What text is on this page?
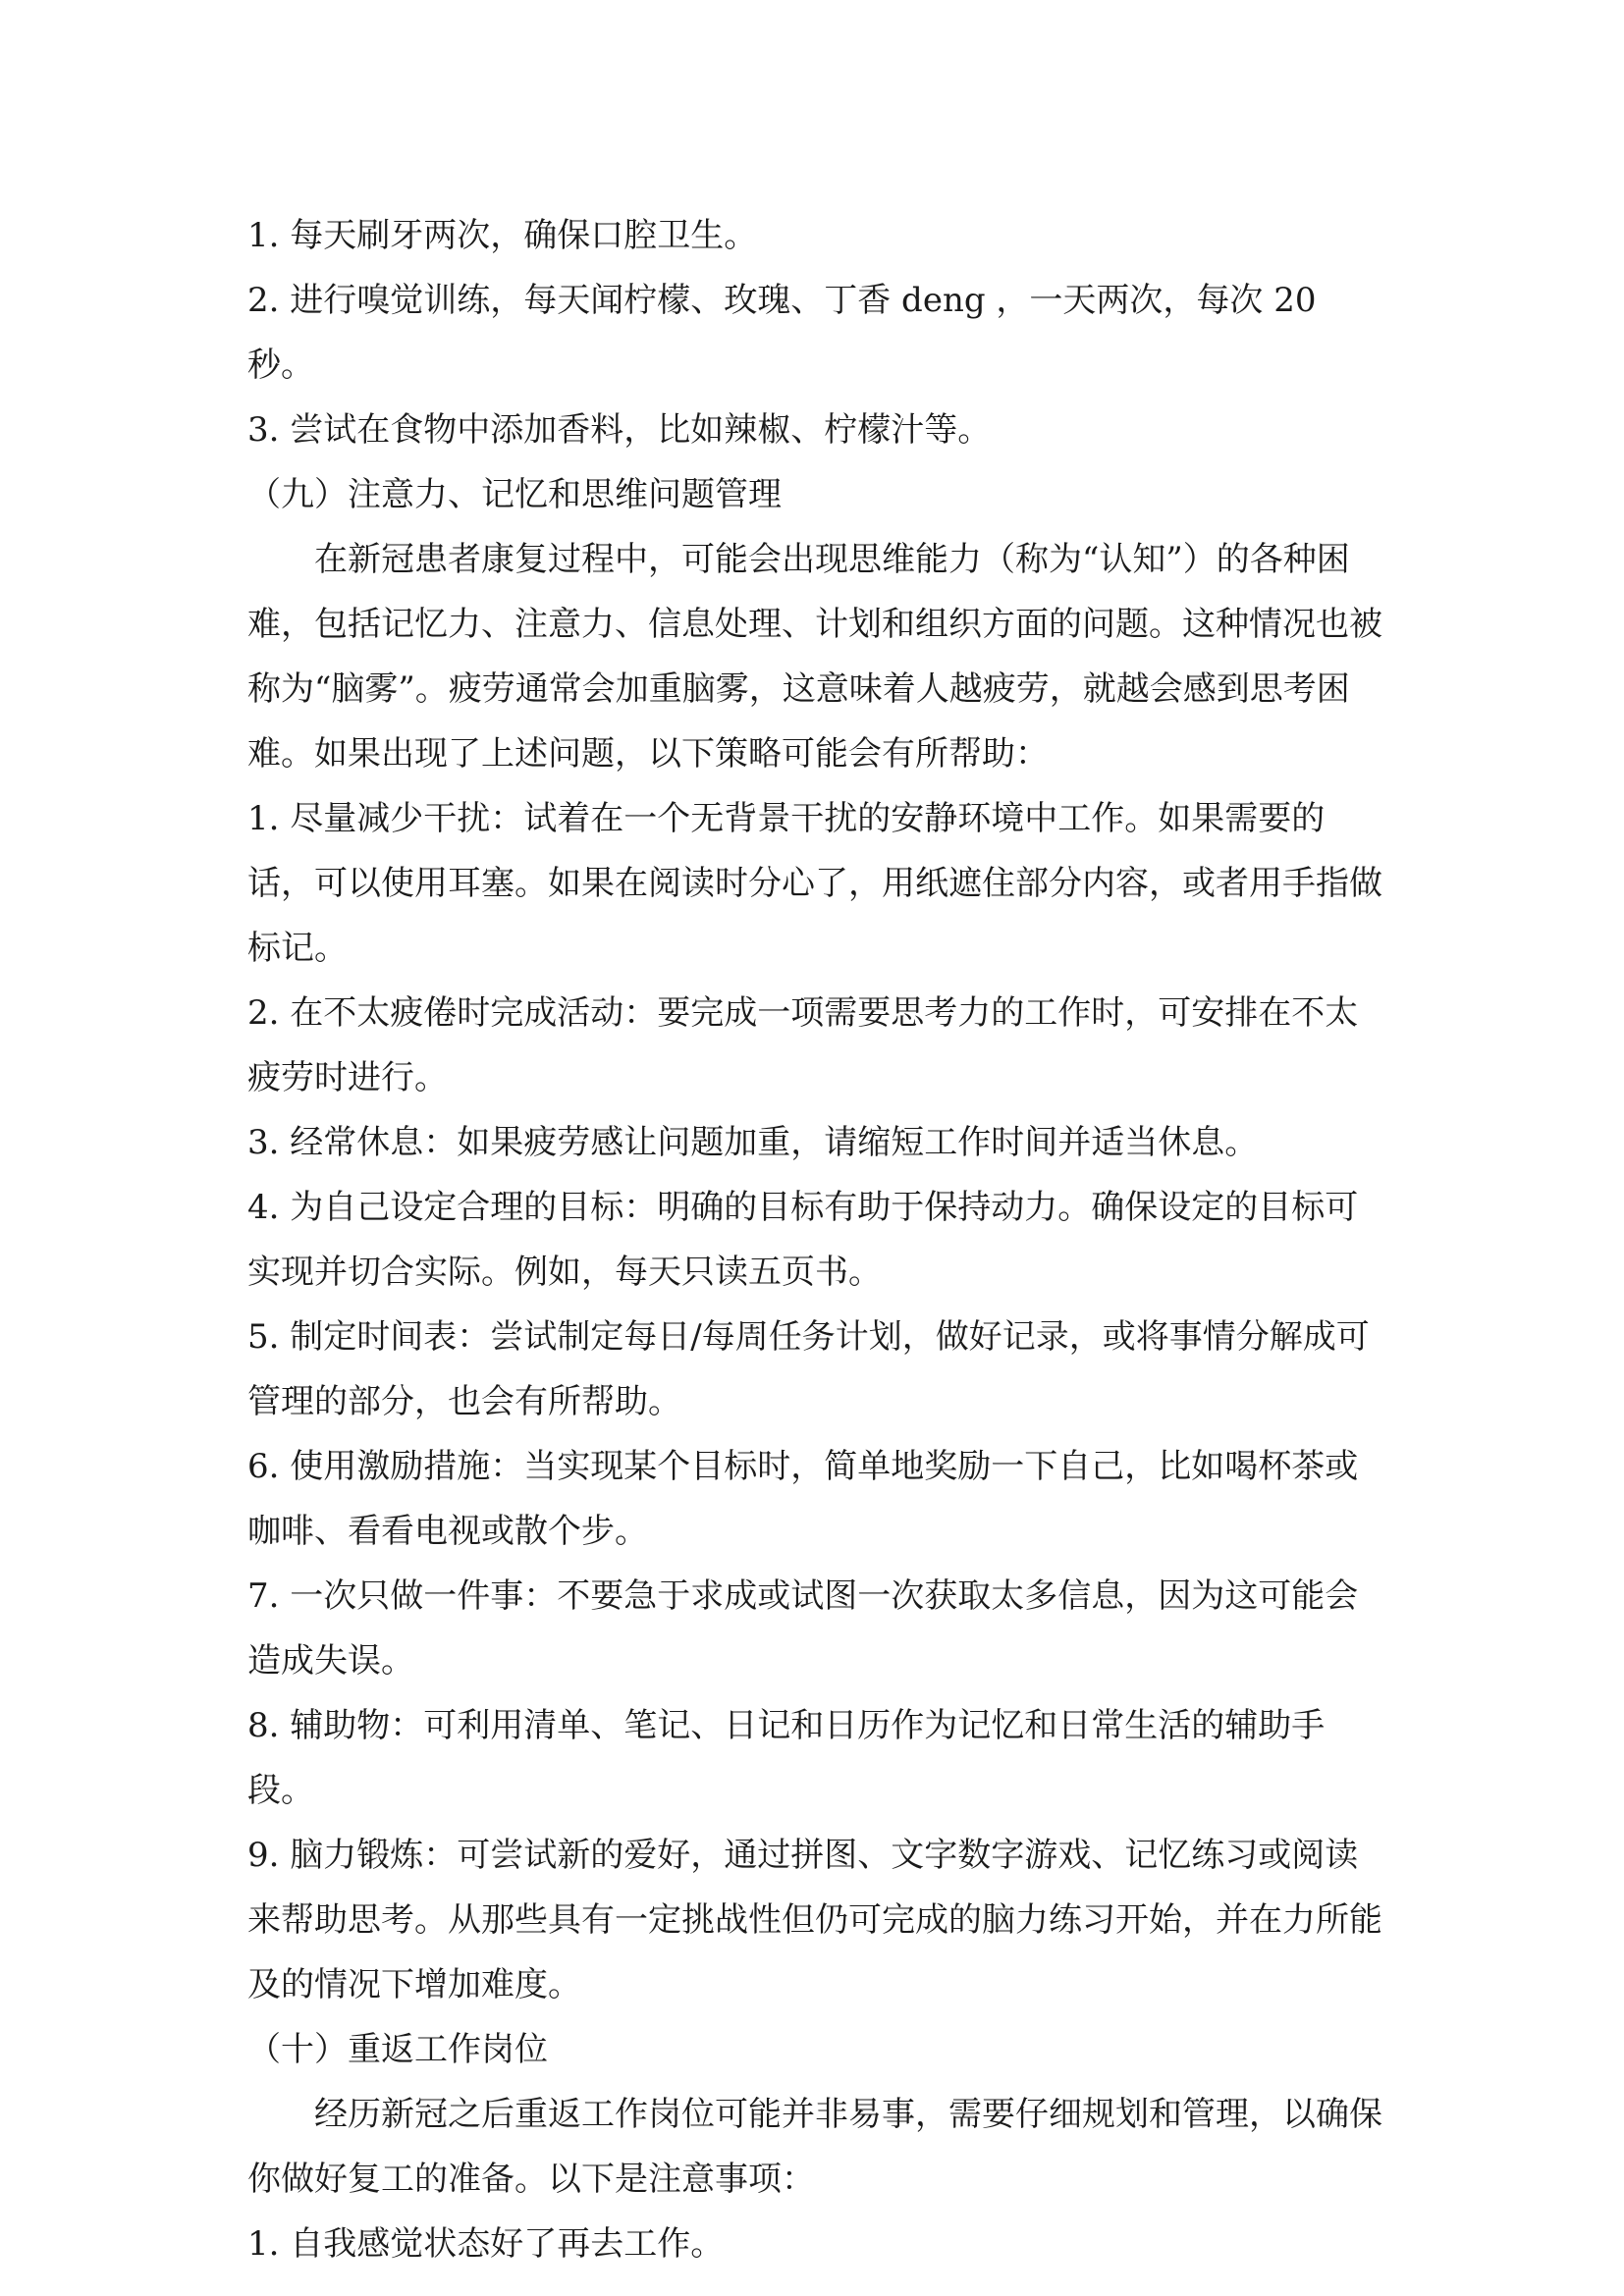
1. 每天刷牙两次，确保口腔卫生。

2. 进行嗅觉训练，每天闻柠檬、玫瑰、丁香 deng ，一天两次，每次 20 秒。

3. 尝试在食物中添加香料，比如辣椒、柠檬汁等。

（九）注意力、记忆和思维问题管理

在新冠患者康复过程中，可能会出现思维能力（称为“认知”）的各种困难，包括记忆力、注意力、信息处理、计划和组织方面的问题。这种情况也被称为“脑雾”。疲劳通常会加重脑雾，这意味着人越疲劳，就越会感到思考困难。如果出现了上述问题，以下策略可能会有所帮助：

1. 尽量减少干扰：试着在一个无背景干扰的安静环境中工作。如果需要的话，可以使用耳塞。如果在阅读时分心了，用纸遮住部分内容，或者用手指做标记。

2. 在不太疲倦时完成活动：要完成一项需要思考力的工作时，可安排在不太疲劳时进行。

3. 经常休息：如果疲劳感让问题加重，请缩短工作时间并适当休息。

4. 为自己设定合理的目标：明确的目标有助于保持动力。确保设定的目标可实现并切合实际。例如，每天只读五页书。

5. 制定时间表：尝试制定每日/每周任务计划，做好记录，或将事情分解成可管理的部分，也会有所帮助。

6. 使用激励措施：当实现某个目标时，简单地奖励一下自己，比如喝杯茶或咖啡、看看电视或散个步。

7. 一次只做一件事：不要急于求成或试图一次获取太多信息，因为这可能会造成失误。

8. 辅助物：可利用清单、笔记、日记和日历作为记忆和日常生活的辅助手段。

9. 脑力锻炼：可尝试新的爱好，通过拼图、文字数字游戏、记忆练习或阅读来帮助思考。从那些具有一定挑战性但仍可完成的脑力练习开始，并在力所能及的情况下增加难度。

（十）重返工作岗位

经历新冠之后重返工作岗位可能并非易事，需要仔细规划和管理，以确保你做好复工的准备。以下是注意事项：

1. 自我感觉状态好了再去工作。
